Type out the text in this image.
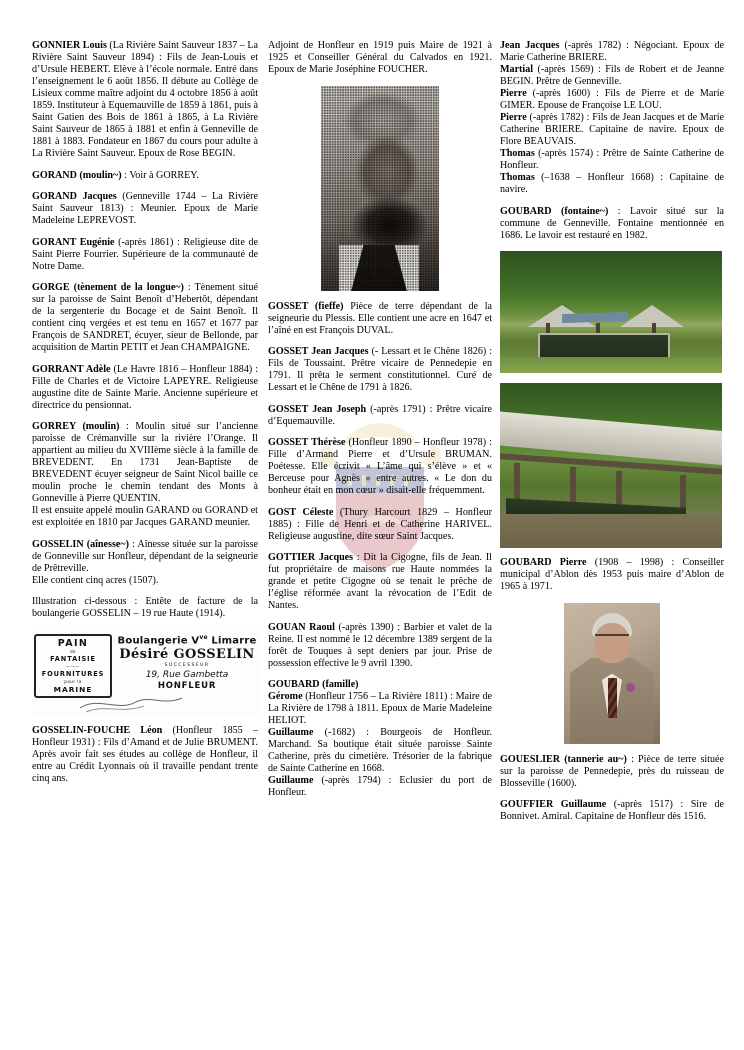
GONNIER Louis (La Rivière Saint Sauveur 1837 – La Rivière Saint Sauveur 1894) : Fils de Jean-Louis et d’Ursule HEBERT. Elève à l’école normale. Entré dans l’enseignement le 6 août 1856. Il débute au Collège de Lisieux comme maître adjoint du 4 octobre 1856 à août 1859. Instituteur à Equemauville de 1859 à 1861, puis à Saint Gatien des Bois de 1861 à 1865, à La Rivière Saint Sauveur de 1865 à 1881 et enfin à Genneville de 1881 à 1883. Fondateur en 1867 du cours pour adulte à La Rivière Saint Sauveur. Epoux de Rose BEGIN.

GORAND (moulin~) : Voir à GORREY.

GORAND Jacques (Genneville 1744 – La Rivière Saint Sauveur 1813) : Meunier. Epoux de Marie Madeleine LEPREVOST.

GORANT Eugénie (-après 1861) : Religieuse dite de Saint Pierre Fourrier. Supérieure de la communauté de Notre Dame.

GORGE (tènement de la longue~) : Tènement situé sur la paroisse de Saint Benoît d’Hebertôt, dépendant de la sergenterie du Bocage et de Saint Benoît. Il contient cinq vergées et est tenu en 1657 et 1677 par François de SANDRET, écuyer, sieur de Bellonde, par acquisition de Martin PETIT et Jean CHAMPAIGNE.

GORRANT Adèle (Le Havre 1816 – Honfleur 1884) : Fille de Charles et de Victoire LAPEYRE. Religieuse augustine dite de Sainte Marie. Ancienne supérieure et directrice du pensionnat.

GORREY (moulin) : Moulin situé sur l’ancienne paroisse de Crémanville sur la rivière l’Orange. Il appartient au milieu du XVIIIème siècle à la famille de BREVEDENT. En 1731 Jean-Baptiste de BREVEDENT écuyer seigneur de Saint Nicol baille ce moulin proche le chemin tendant des Monts à Gonneville à Pierre QUENTIN.

Il est ensuite appelé moulin GARAND ou GORAND et est exploitée en 1810 par Jacques GARAND meunier.

GOSSELIN (aînesse~) : Aînesse située sur la paroisse de Gonneville sur Honfleur, dépendant de la seigneurie de Prêtreville.

Elle contient cinq acres (1507).

Illustration ci-dessous : Entête de facture de la boulangerie GOSSELIN – 19 rue Haute (1914).

PAIN
de
FANTAISIE
———
FOURNITURES
pour la
MARINE
Boulangerie $V^{ve}$ Limarre
Désiré GOSSELIN
SUCCESSEUR
19, Rue Gambetta
HONFLEUR

GOSSELIN-FOUCHE Léon (Honfleur 1855 – Honfleur 1931) : Fils d’Amand et de Julie BRUMENT. Après avoir fait ses études au collège de Honfleur, il entre au Crédit Lyonnais où il travaille pendant trente cinq ans.

Adjoint de Honfleur en 1919 puis Maire de 1921 à 1925 et Conseiller Général du Calvados en 1921. Epoux de Marie Joséphine FOUCHER.

GOSSET (fieffe) Pièce de terre dépendant de la seigneurie du Plessis. Elle contient une acre en 1647 et l’aîné en est François DUVAL.

GOSSET Jean Jacques (- Lessart et le Chêne 1826) : Fils de Toussaint. Prêtre vicaire de Pennedepie en 1791. Il prêta le serment constitutionnel. Curé de Lessart et le Chêne de 1791 à 1826.

GOSSET Jean Joseph (-après 1791) : Prêtre vicaire d’Equemauville.

GOSSET Thérèse (Honfleur 1890 – Honfleur 1978) : Fille d’Armand Pierre et d’Ursule BRUMAN. Poétesse. Elle écrivit « L’âme qui s’élève » et « Berceuse pour Agnès » entre autres. « Le don du bonheur était en mon cœur » disait-elle fréquemment.

GOST Céleste (Thury Harcourt 1829 – Honfleur 1885) : Fille de Henri et de Catherine HARIVEL. Religieuse augustine, dite sœur Saint Jacques.

GOTTIER Jacques : Dit la Cigogne, fils de Jean. Il fut propriétaire de maisons rue Haute nommées la grande et petite Cigogne où se tenait le prêche de l’église réformée avant la révocation de l’Edit de Nantes.

GOUAN Raoul (-après 1390) : Barbier et valet de la Reine. Il est nommé le 12 décembre 1389 sergent de la forêt de Touques à sept deniers par jour. Prise de possession effective le 9 avril 1390.

GOUBARD (famille)

Gérome (Honfleur 1756 – La Rivière 1811) : Maire de La Rivière de 1798 à 1811. Epoux de Marie Madeleine HELIOT.

Guillaume (-1682) : Bourgeois de Honfleur. Marchand. Sa boutique était située paroisse Sainte Catherine, près du cimetière. Trésorier de la fabrique de Sainte Catherine en 1668.

Guillaume (-après 1794) : Eclusier du port de Honfleur.

Jean Jacques (-après 1782) : Négociant. Epoux de Marie Catherine BRIERE.

Martial (-après 1569) : Fils de Robert et de Jeanne BEGIN. Prêtre de Genneville.

Pierre (-après 1600) : Fils de Pierre et de Marie GIMER. Epouse de Françoise LE LOU.

Pierre (-après 1782) : Fils de Jean Jacques et de Marie Catherine BRIERE. Capitaine de navire. Epoux de Flore BEAUVAIS.

Thomas (-après 1574) : Prêtre de Sainte Catherine de Honfleur.

Thomas (–1638 – Honfleur 1668) : Capitaine de navire.

GOUBARD (fontaine~) : Lavoir situé sur la commune de Genneville. Fontaine mentionnée en 1686. Le lavoir est restauré en 1982.

GOUBARD Pierre (1908 – 1998) : Conseiller municipal d’Ablon dès 1953 puis maire d’Ablon de 1965 à 1971.

GOUESLIER (tannerie au~) : Pièce de terre située sur la paroisse de Pennedepie, près du ruisseau de Blosseville (1600).

GOUFFIER Guillaume (-après 1517) : Sire de Bonnivet. Amiral. Capitaine de Honfleur dès 1516.
